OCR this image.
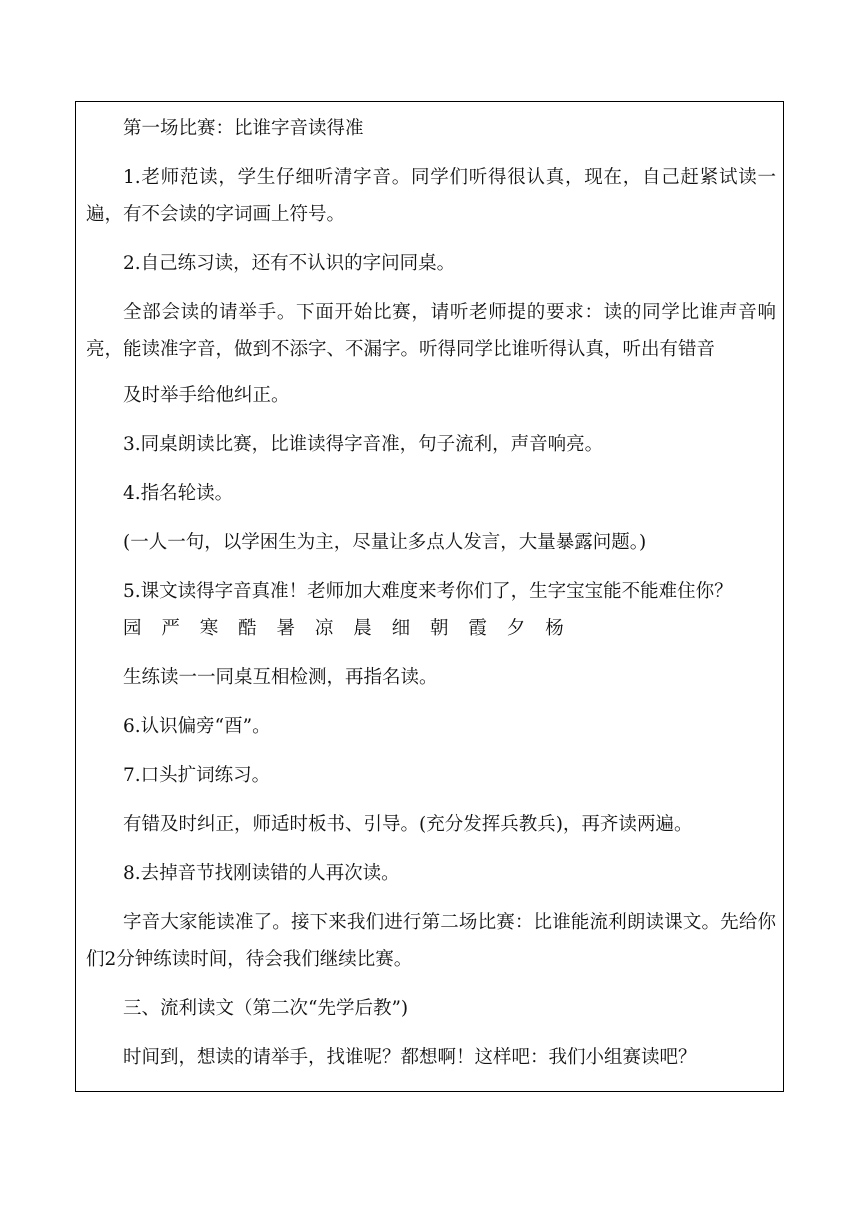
第一场比赛：比谁字音读得准

1.老师范读，学生仔细听清字音。同学们听得很认真，现在，自己赶紧试读一遍，有不会读的字词画上符号。

2.自己练习读，还有不认识的字问同桌。

全部会读的请举手。下面开始比赛，请听老师提的要求：读的同学比谁声音响亮，能读准字音，做到不添字、不漏字。听得同学比谁听得认真，听出有错音

及时举手给他纠正。

3.同桌朗读比赛，比谁读得字音准，句子流利，声音响亮。

4.指名轮读。

(一人一句，以学困生为主，尽量让多点人发言，大量暴露问题。)

5.课文读得字音真准！老师加大难度来考你们了，生字宝宝能不能难住你？

园 严 寒 酷 暑 凉 晨 细 朝 霞 夕 杨

生练读一一同桌互相检测，再指名读。

6.认识偏旁“酉”。

7.口头扩词练习。

有错及时纠正，师适时板书、引导。(充分发挥兵教兵)，再齐读两遍。

8.去掉音节找刚读错的人再次读。

字音大家能读准了。接下来我们进行第二场比赛：比谁能流利朗读课文。先给你 们2分钟练读时间，待会我们继续比赛。

三、流利读文（第二次“先学后教”)

时间到，想读的请举手，找谁呢？都想啊！这样吧：我们小组赛读吧？
